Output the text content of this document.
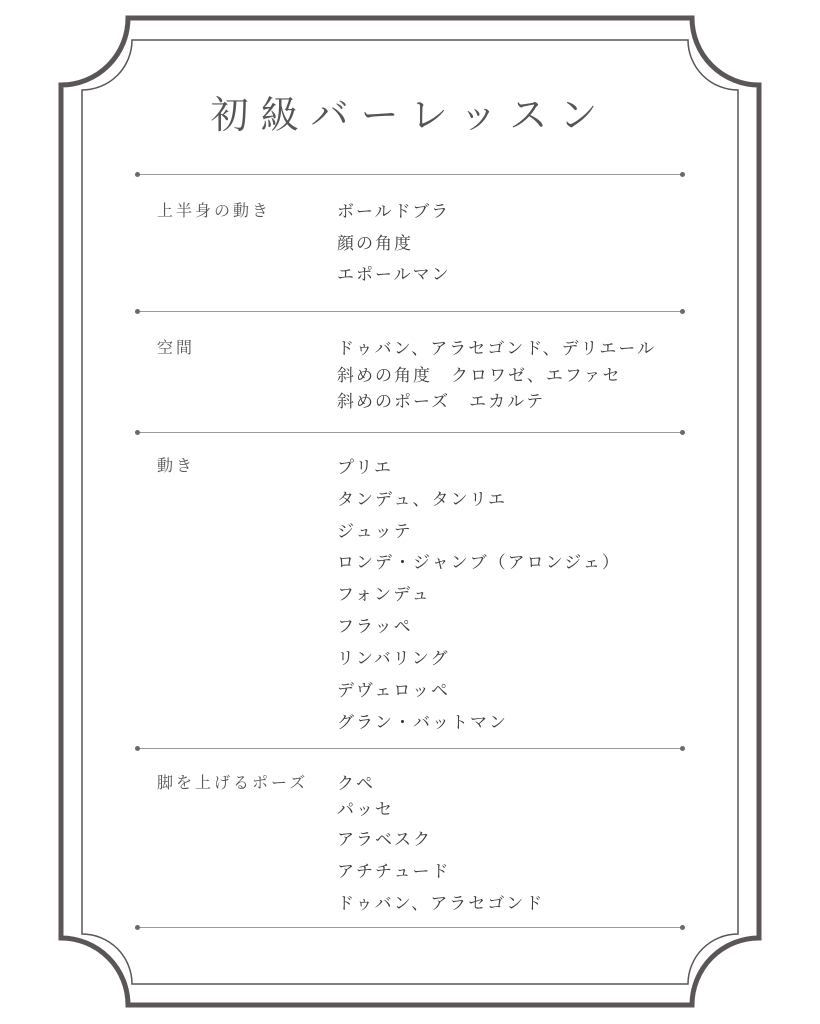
初級バーレッスン
上半身の動き	ボールドブラ
顔の角度
エポールマン
空間	ドゥバン、アラセゴンド、デリエール
斜めの角度　クロワゼ、エファセ
斜めのポーズ　エカルテ
動き	プリエ
タンデュ、タンリエ
ジュッテ
ロンデ・ジャンブ（アロンジェ）
フォンデュ
フラッペ
リンバリング
デヴェロッペ
グラン・バットマン
脚を上げるポーズ クペ
パッセ
アラベスク
アチチュード
ドゥバン、アラセゴンド
